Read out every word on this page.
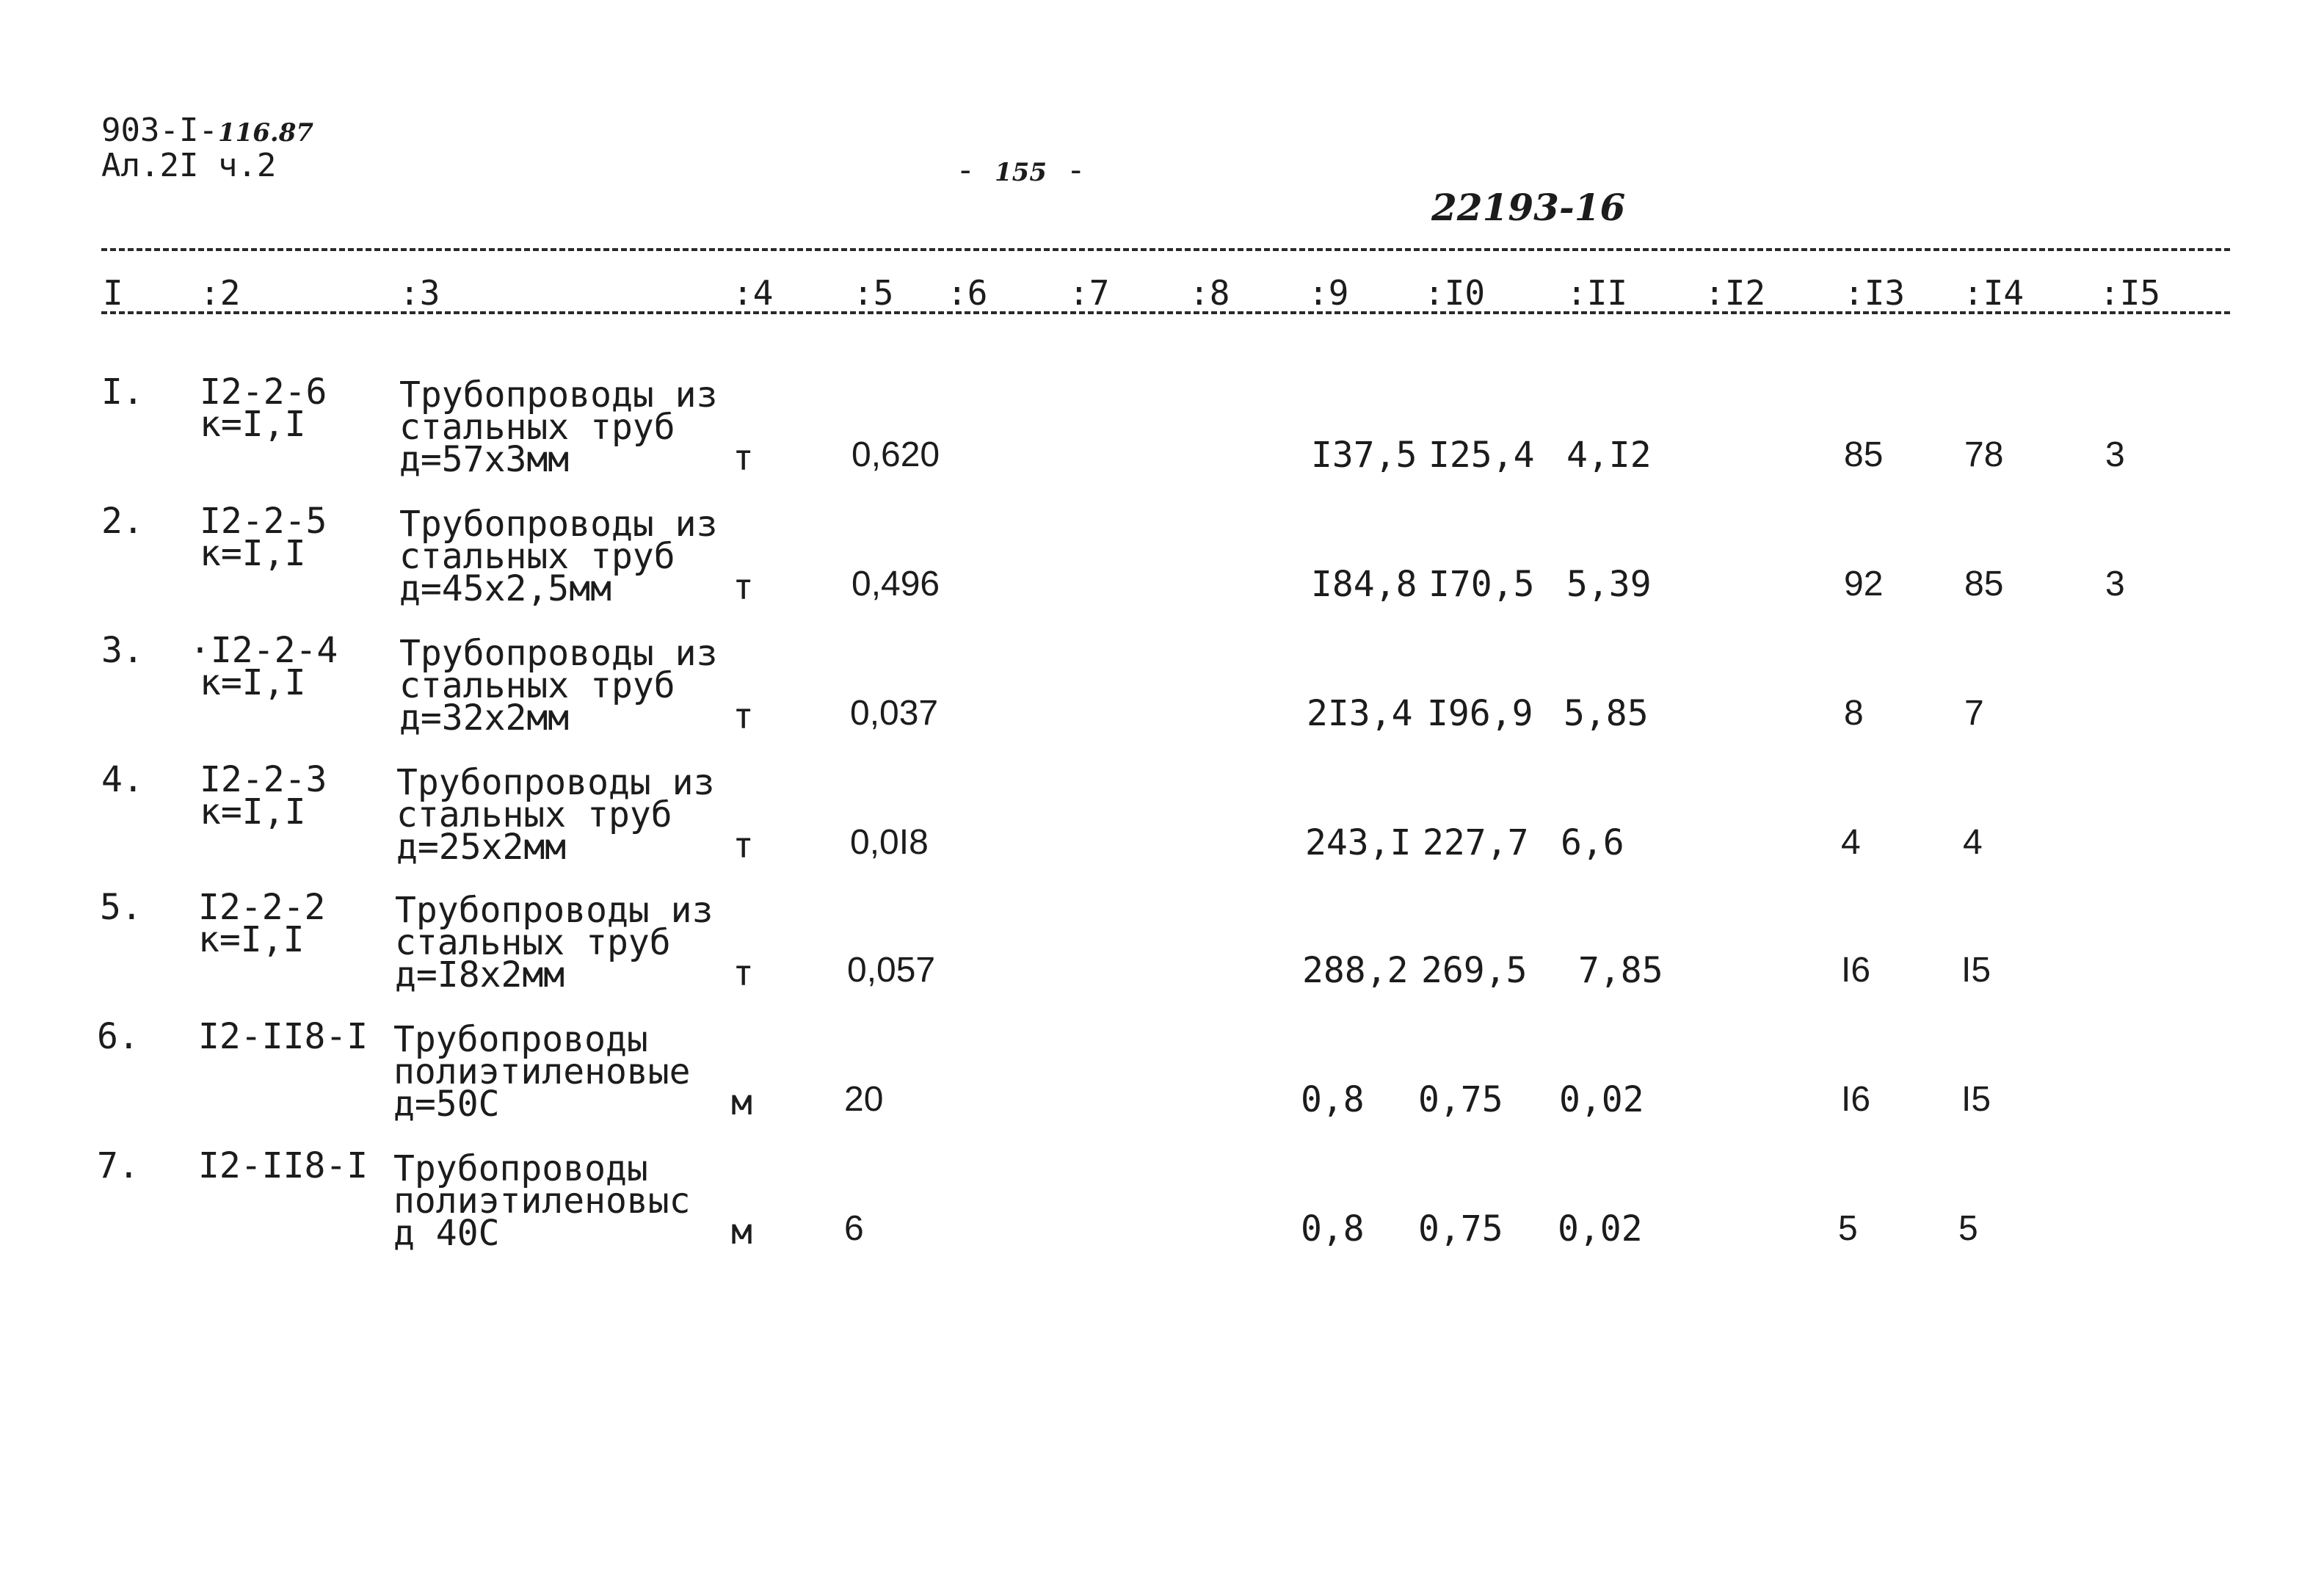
903-I-116.87
Ал.2I ч.2	- 155 -
22193-16
I :2	:3	:4 :5 :6 :7 :8 :9 :I0 :II :I2 :I3 :I4 :I5
I. I2-2-6
к=I,I
Трубопроводы из
стальных труб
д=57х3мм	т	0,620	I37,5 I25,4 4,I2	85 78	3
2. I2-2-5
к=I,I
Трубопроводы из
стальных труб
д=45х2,5мм	т	0,496	I84,8 I70,5 5,39	92 85	3
3. ·I2-2-4
к=I,I
Трубопроводы из
стальных труб
д=32х2мм	т	0,037	2I3,4 I96,9 5,85	8	7
4. I2-2-3
к=I,I
Трубопроводы из
стальных труб
д=25х2мм	т	0,0I8	243,I 227,7 6,6	4	4
5. I2-2-2
к=I,I
Трубопроводы из
стальных труб
д=I8х2мм	т	0,057	288,2 269,5 7,85	I6	I5
6. I2-II8-I Трубопроводы
полиэтиленовые
д=50С	м	20	0,8 0,75 0,02	I6	I5
7. I2-II8-I Трубопроводы
полиэтиленовыс
д 40С	м	6	0,8 0,75 0,02	5	5
